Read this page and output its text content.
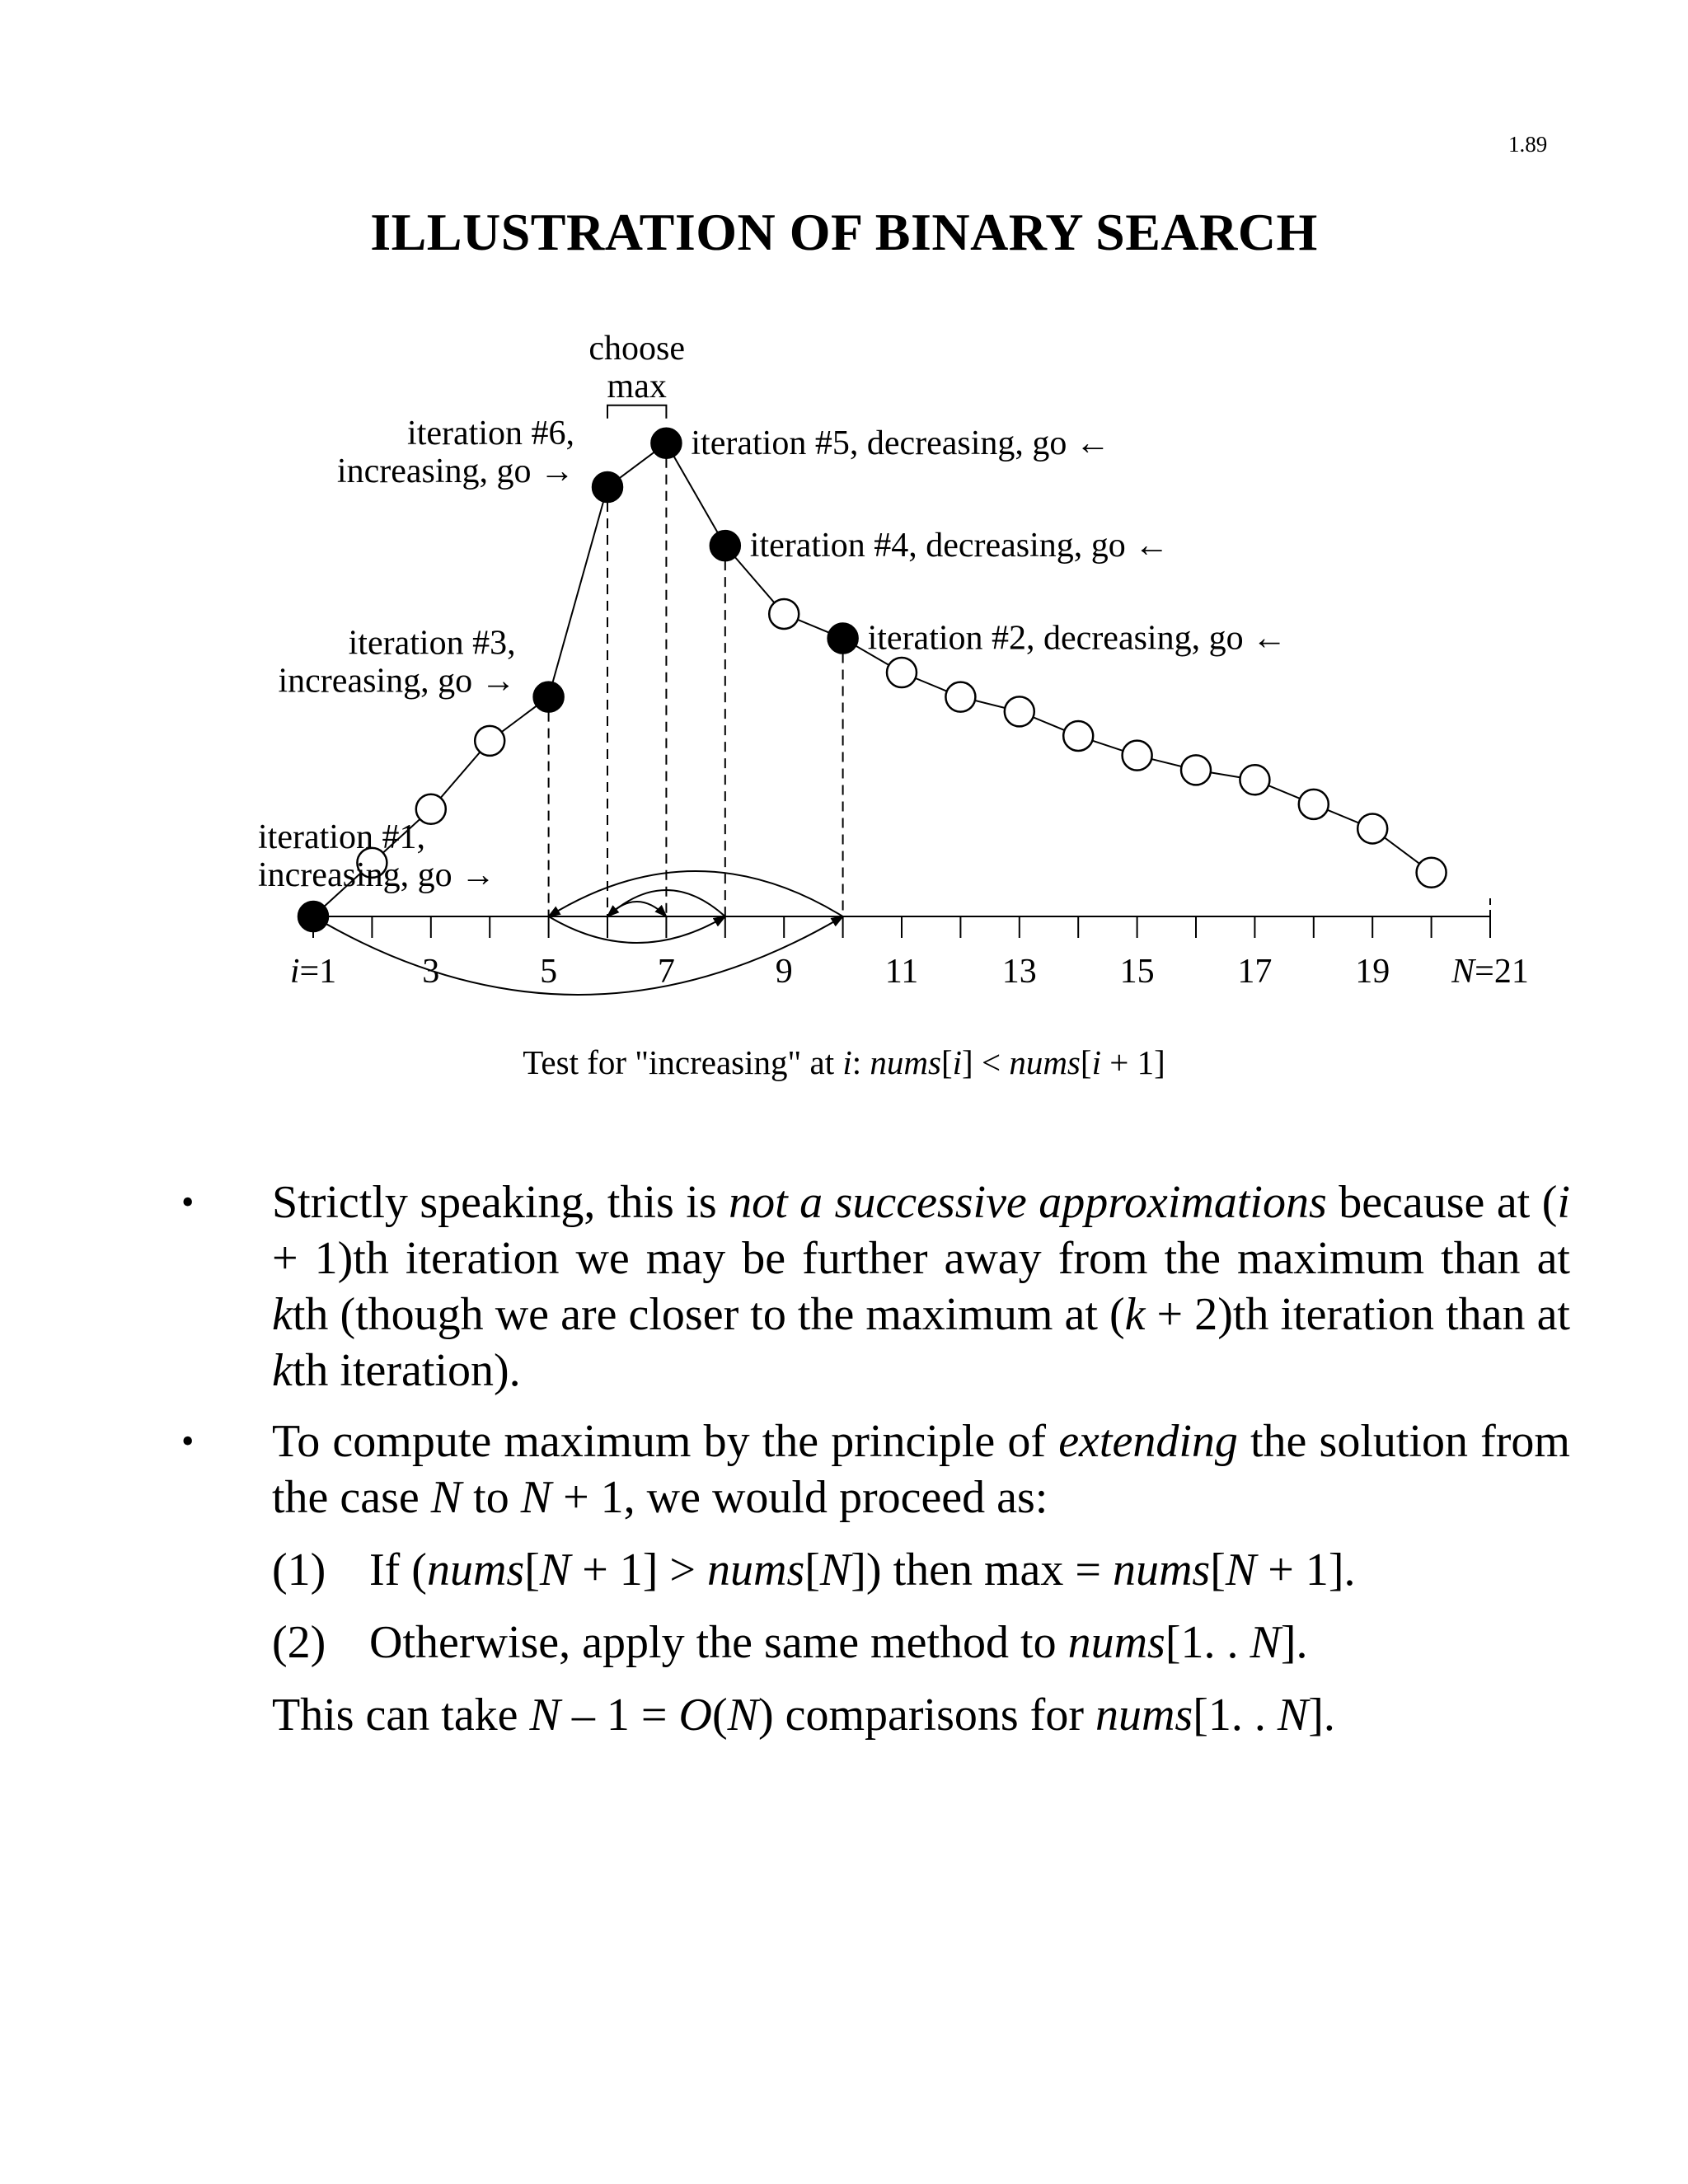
1.89
ILLUSTRATION OF BINARY SEARCH
i=1 3	5	7	9	11 13 15 17 19 N=21
choose
max
iteration #1,
increasing, go →
iteration #2, decreasing, go ←
iteration #3,
increasing, go →
iteration #4, decreasing, go ←
iteration #5, decreasing, go ←
iteration #6,
increasing, go →
Test for "increasing" at i: nums[i] < nums[i + 1]
• Strictly speaking, this is not a successive approximations because at (i + 1)th iteration we may be further away from the maximum than at kth (though we are closer to the maximum at (k + 2)th iteration than at kth iteration).
• To compute maximum by the principle of extending the solution from the case N to N + 1, we would proceed as:
(1) If (nums[N + 1] > nums[N]) then max = nums[N + 1].
(2) Otherwise, apply the same method to nums[1. . N].
This can take N – 1 = O(N) comparisons for nums[1. . N].
